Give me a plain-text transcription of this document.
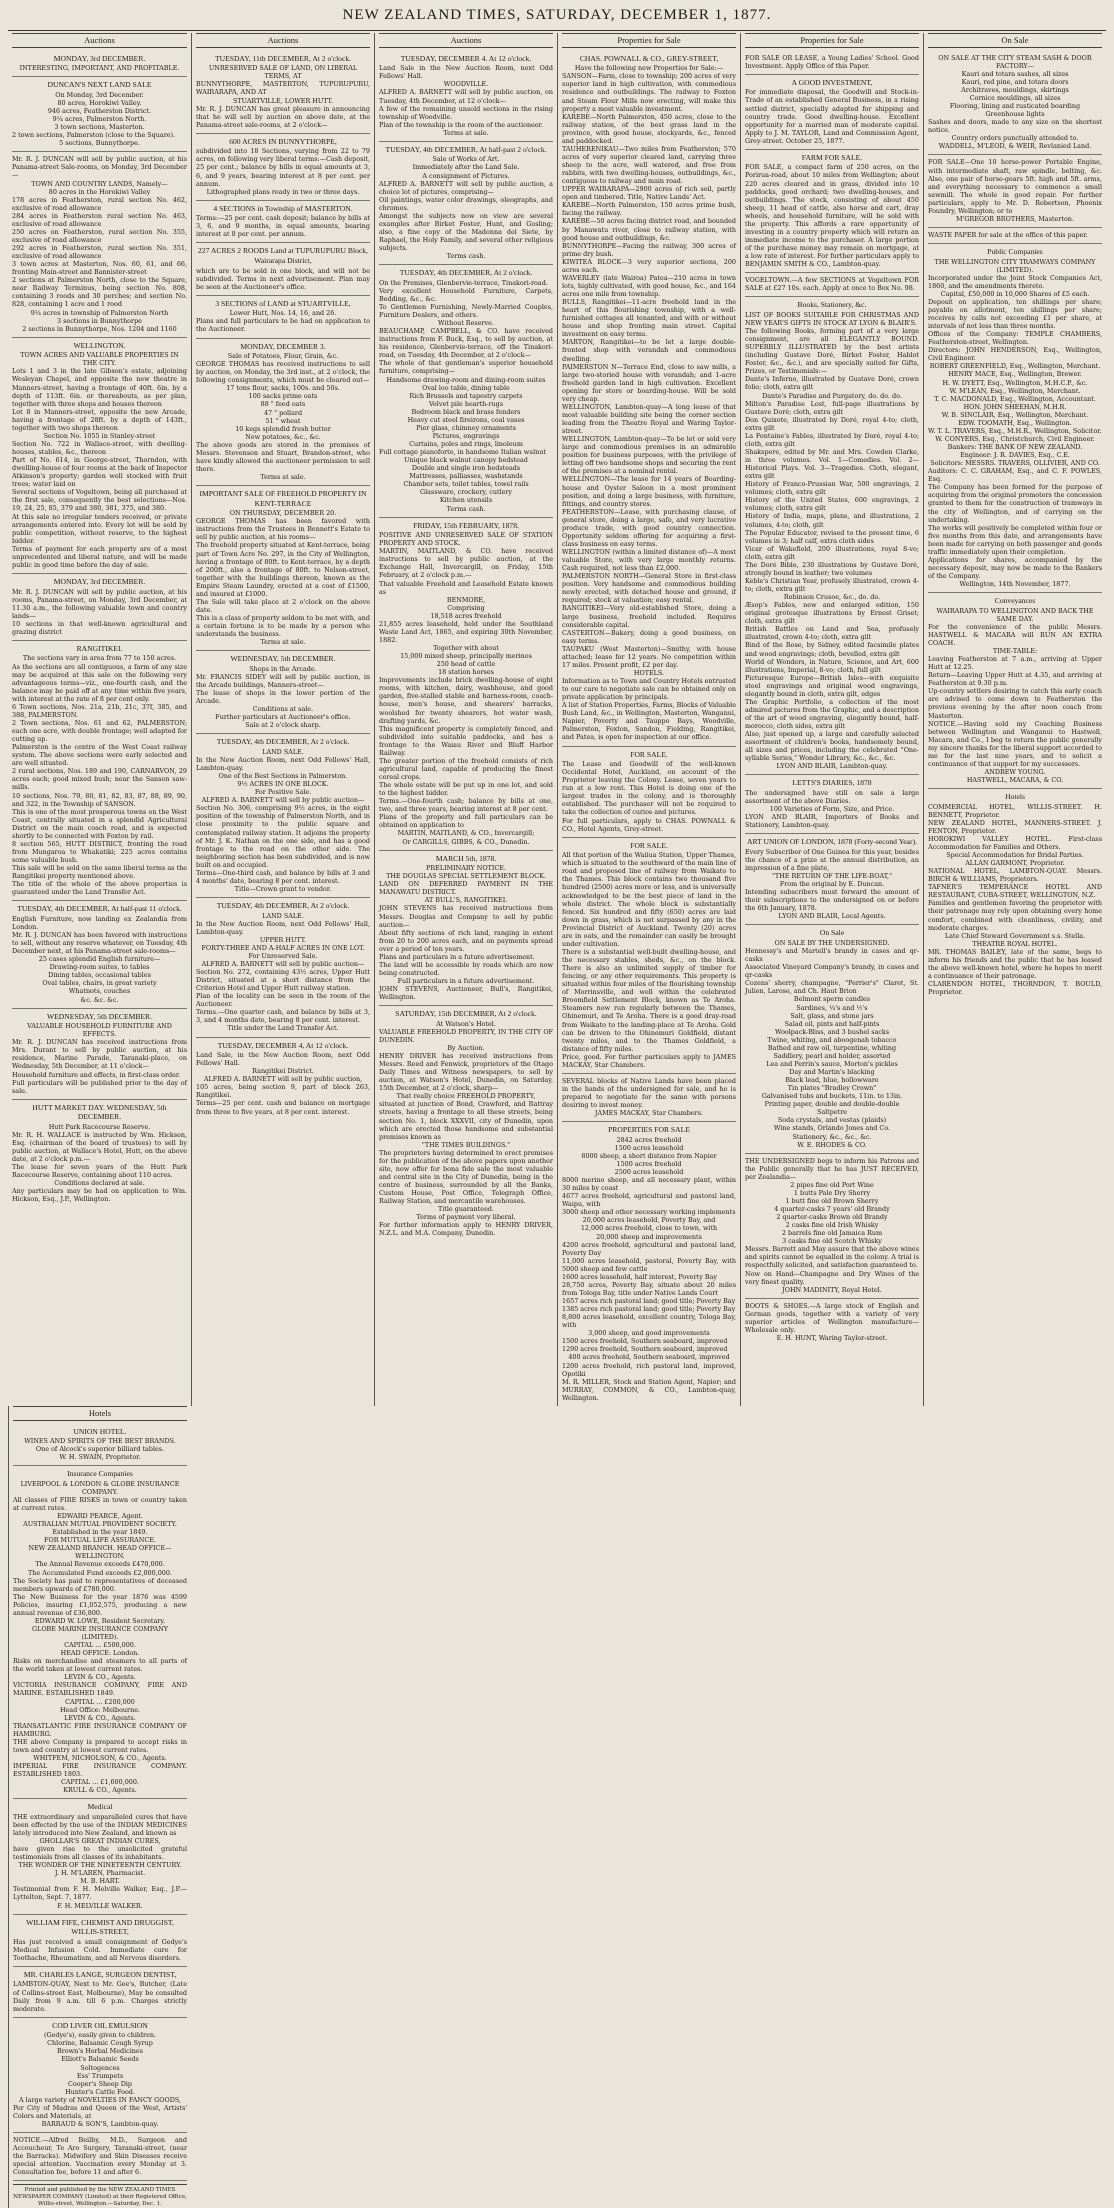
NEW ZEALAND TIMES, SATURDAY, DECEMBER 1, 1877.
Auctions
MONDAY, 3rd DECEMBER.

INTERESTING, IMPORTANT, AND PROFITABLE.

DUNCAN'S NEXT LAND SALE

On Monday, 3rd December.

80 acres, Horokiwi Valley.

946 acres, Featherston District.

9¼ acres, Palmerston North.

3 town sections, Masterton.

2 town sections, Palmerston (close to the Square).

5 sections, Bunnythorpe.

Mr. R. J. DUNCAN will sell by public auction, at his Panama-street Sale-rooms, on Monday, 3rd December—

TOWN AND COUNTRY LANDS, Namely—

80 acres in the Horokiwi Valley

178 acres in Featherston, rural section No. 462, exclusive of road allowance

284 acres in Featherston rural section No. 463, exclusive of road allowance

250 acres on Featherston, rural section No. 355, exclusive of road allowance

292 acres in Featherston, rural section No. 351, exclusive of road allowance

3 town acres at Masterton, Nos. 60, 61, and 66, fronting Main-street and Bannister-street

2 sections at Palmerston North, close to the Square, near Railway Terminus, being section No. 808, containing 3 roods and 30 perches; and section No. 828, containing 1 acre and 1 rood

9¼ acres in township of Palmerston North

3 sections in Bunnythorpe

2 sections in Bunnythorpe, Nos. 1204 and 1160

WELLINGTON.

TOWN ACRES AND VALUABLE PROPERTIES IN THE CITY.

Lots 1 and 3 in the late Gibson's estate, adjoining Wesleyan Chapel, and opposite the new theatre in Manners-street, having a frontage of 40ft. 6in. by a depth of 113ft. 6in. or thereabouts, as per plan, together with three shops and houses thereon

Lot 8 in Manners-street, opposite the new Arcade, having a frontage of 28ft. by a depth of 143ft., together with two shops thereon

Section No. 1055 in Stanley-street

Section No. 722 in Wallace-street, with dwelling-houses, stables, &c., thereon

Part of No. 614, in George-street, Thorndon, with dwelling-house of four rooms at the back of Inspector Atkinson's property; garden well stocked with fruit trees; water laid on

Several sections of Vogeltown, being all purchased at the first sale, consequently the best selections—Nos. 19, 24, 25, 85, 379 and 380, 381, 375, and 380.

At this sale no irregular tenders received, or private arrangements entered into. Every lot will be sold by public competition, without reserve, to the highest bidder.

Terms of payment for each property are of a most unprecedented and liberal nature, and will be made public in good time before the day of sale.

MONDAY, 3rd DECEMBER.

Mr. R. J. DUNCAN will sell by public auction, at his rooms, Panama-street, on Monday, 3rd December, at 11.30 a.m., the following valuable town and country lands—

10 sections in that well-known agricultural and grazing district

RANGITIKEI.

The sections vary in area from 77 to 150 acres.

As the sections are all contiguous, a farm of any size may be acquired at this sale on the following very advantageous terms—viz., one-fourth cash, and the balance may be paid off at any time within five years, with interest at the rate of 8 per cent only.

6 Town sections, Nos. 21a, 21b, 21c, 37f, 385, and 388, PALMERSTON.

2 Town sections, Nos. 61 and 62, PALMERSTON; each one acre, with double frontage; well adapted for cutting up.

Palmerston is the centre of the West Coast railway system. The above sections were early selected and are well situated.

2 rural sections, Nos. 189 and 190, CARNARVON, 29 acres each; good mixed bush; near the Sanson saw-mills.

10 sections, Nos. 79, 80, 81, 82, 83, 87, 88, 89, 90, and 322, in the Township of SANSON.

This is one of the most prosperous towns on the West Coast, centrally situated in a splendid Agricultural District on the main coach road, and is expected shortly to be connected with Foxton by rail.

8 section 565, HUTT DISTRICT, fronting the road from Mungaroa to Whakatiki; 225 acres contains some valuable bush.

This sale will be sold on the same liberal terms as the Rangitikei property mentioned above.

The title of the whole of the above properties is guaranteed under the Land Transfer Act.

TUESDAY, 4th DECEMBER, At half-past 11 o'clock.

English Furniture, now landing ex Zealandia from London.

Mr. R. J. DUNCAN has been favored with instructions to sell, without any reserve whatever, on Tuesday, 4th December next, at his Panama-street sale-rooms—

25 cases splendid English furniture—

Drawing-room suites, to tables

Dining tables, occasional tables

Oval tables, chairs, in great variety

Whatnots, couches

&c. &c. &c.

WEDNESDAY, 5th DECEMBER.

VALUABLE HOUSEHOLD FURNITURE AND EFFECTS.

Mr. R. J. DUNCAN has received instructions from Mrs. Durant to sell by public auction, at his residence, Marine Parade, Taranaki-place, on Wednesday, 5th December, at 11 o'clock—

Household furniture and effects, in first-class order.

Full particulars will be published prior to the day of sale.

HUTT MARKET DAY. WEDNESDAY, 5th DECEMBER.

Hutt Park Racecourse Reserve.

Mr. R. H. WALLACE is instructed by Wm. Hickson, Esq. (chairman of the board of trustees) to sell by public auction, at Wallace's Hotel, Hutt, on the above date, at 2 o'clock p.m.—

The lease for seven years of the Hutt Park Racecourse Reserve, containing about 110 acres.

Conditions declared at sale.

Any particulars may be had on application to Wm. Hickson, Esq., J.P., Wellington.

Auctions
TUESDAY, 11th DECEMBER, At 2 o'clock.

UNRESERVED SALE OF LAND, ON LIBERAL TERMS, AT

BUNNYTHORPE, MASTERTON, TUPURUPURU, WAIRARAPA, AND AT

STUARTVILLE, LOWER HUTT.

Mr. R. J. DUNCAN has great pleasure in announcing that he will sell by auction on above date, at the Panama-street sale-rooms, at 2 o'clock—

600 ACRES IN BUNNYTHORPE,

subdivided into 18 Sections, varying from 22 to 79 acres, on following very liberal terms:—Cash deposit, 25 per cent.; balance by bills in equal amounts at 3, 6, and 9 years, bearing interest at 8 per cent. per annum.

Lithographed plans ready in two or three days.

4 SECTIONS in Township of MASTERTON.

Terms:—25 per cent. cash deposit; balance by bills at 3, 6, and 9 months, in equal amounts, bearing interest at 8 per cent. per annum.

227 ACRES 2 ROODS Land at TUPURUPURU Block, Wairarapa District,

which are to be sold in one block, and will not be subdivided. Terms in next advertisement. Plan may be seen at the Auctioneer's office.

3 SECTIONS of LAND at STUARTVILLE,

Lower Hutt, Nos. 14, 16, and 26.

Plans and full particulars to be had on application to the Auctioneer.

MONDAY, DECEMBER 3.

Sale of Potatoes, Flour, Grain, &c.

GEORGE THOMAS has received instructions to sell by auction, on Monday, the 3rd inst., at 2 o'clock, the following consignments, which must be cleared out—

17 tons flour, sacks, 100s. and 50s.

100 sacks prime oats

88 " feed oats

47 " pollard

51 " wheat

10 kegs splendid fresh butter

New potatoes, &c., &c.

The above goods are stored in the premises of Messrs. Stevenson and Stuart, Brandon-street, who have kindly allowed the auctioneer permission to sell there.

Terms at sale.

IMPORTANT SALE OF FREEHOLD PROPERTY IN KENT-TERRACE

ON THURSDAY, DECEMBER 20.

GEORGE THOMAS has been favored with instructions from the Trustees in Bennett's Estate to sell by public auction, at his rooms—

The freehold property situated at Kent-terrace, being part of Town Acre No. 297, in the City of Wellington, having a frontage of 80ft. to Kent-terrace, by a depth of 200ft., also a frontage of 80ft. to Nelson-street, together with the buildings thereon, known as the Empire Steam Laundry, erected at a cost of £1500, and insured at £1000.

The Sale will take place at 2 o'clock on the above date.

This is a class of property seldom to be met with, and a certain fortune is to be made by a person who understands the business.

Terms at sale.

WEDNESDAY, 5th DECEMBER.

Shops in the Arcade.

Mr. FRANCIS SIDEY will sell by public auction, in the Arcade buildings, Manners-street—

The lease of shops in the lower portion of the Arcade.

Conditions at sale.

Further particulars at Auctioneer's office.

Sale at 2 o'clock sharp.

TUESDAY, 4th DECEMBER, At 2 o'clock.

LAND SALE.

In the New Auction Room, next Odd Fellows' Hall, Lambton-quay.

One of the Best Sections in Palmerston.

9½ ACRES IN ONE BLOCK.

For Positive Sale.

ALFRED A. BARNETT will sell by public auction—

Section No. 306, comprising 9½ acres, in the eight position of the township of Palmerston North, and in close proximity to the public square and contemplated railway station. It adjoins the property of Mr. J. K. Nathan on the one side, and has a good frontage to the road on the other side. The neighboring section has been subdivided, and is now built on and occupied.

Terms—One-third cash, and balance by bills at 3 and 4 months' date, bearing 8 per cent. interest.

Title—Crown grant to vendor.

TUESDAY, 4th DECEMBER, At 2 o'clock.

LAND SALE.

In the New Auction Room, next Odd Fellows' Hall, Lambton-quay.

UPPER HUTT.

FORTY-THREE AND A-HALF ACRES IN ONE LOT.

For Unreserved Sale.

ALFRED A. BARNETT will sell by public auction—

Section No. 272, containing 43½ acres, Upper Hutt District, situated at a short distance from the Criterion Hotel and Upper Hutt railway station.

Plan of the locality can be seen in the room of the Auctioneer.

Terms.—One quarter cash, and balance by bills at 3, 3, and 4 months date, bearing 8 per cent. interest.

Title under the Land Transfer Act.

TUESDAY, DECEMBER 4, At 12 o'clock.

Land Sale, in the New Auction Room, next Odd Fellows' Hall.

Rangitikei District.

ALFRED A. BARNETT will sell by public auction,

105 acres, being section 9, part of block 263, Rangitikei.

Terms—25 per cent. cash and balance on mortgage from three to five years, at 8 per cent. interest.

Auctions
TUESDAY, DECEMBER 4. At 12 o'clock.

Land Sale in the New Auction Room, next Odd Fellows' Hall.

WOODVILLE.

ALFRED A. BARNETT will sell by public auction, on Tuesday, 4th December, at 12 o'clock—

A few of the remaining unsold sections in the rising township of Woodville.

Plan of the township is the room of the auctioneer.

Terms at sale.

TUESDAY, 4th DECEMBER, At half-past 2 o'clock.

Sale of Works of Art.

Immediately after the Land Sale.

A consignment of Pictures.

ALFRED A. BARNETT will sell by public auction, a choice lot of pictures, comprising—

Oil paintings, water color drawings, oleographs, and chromos.

Amongst the subjects now on view are several examples after Birket Foster, Hunt, and Gosling; also, a fine copy of the Madonna del Siete, by Raphael, the Holy Family, and several other religious subjects.

Terms cash.

TUESDAY, 4th DECEMBER, At 2 o'clock.

On the Premises, Glenbervie-terrace, Tinakori-road.

Very excellent Household Furniture, Carpets, Bedding, &c., &c.

To Gentlemen Furnishing, Newly-Married Couples, Furniture Dealers, and others.

Without Reserve.

BEAUCHAMP, CAMPBELL, & CO. have received instructions from F. Buck, Esq., to sell by auction, at his residence, Glenbervie-terrace, off the Tinakori-road, on Tuesday, 4th December, at 2 o'clock—

The whole of that gentleman's superior household furniture, comprising—

Handsome drawing-room and dining-room suites

Oval loo table, dining table

Rich Brussels and tapestry carpets

Velvet pile hearth-rugs

Bedroom black and brass fenders

Heavy cut steel fireirons, coal vases

Pier glass, chimney ornaments

Pictures, engravings

Curtains, poles and rings, linoleum

Full cottage pianoforte, in handsome Italian walnut

Unique black walnut canopy bedstead

Double and single iron bedsteads

Mattresses, palliasses, washstands

Chamber sets, toilet tables, towel rails

Glassware, crockery, cutlery

Kitchen utensils

Terms cash.

FRIDAY, 15th FEBRUARY, 1878.

POSITIVE AND UNRESERVED SALE OF STATION PROPERTY AND STOCK.

MARTIN, MAITLAND, & CO. have received instructions to sell by public auction, at the Exchange Hall, Invercargill, on Friday, 15th February, at 2 o'clock p.m.—

That valuable Freehold and Leasehold Estate known as

BENMORE,

Comprising

18,518 acres freehold

21,855 acres leasehold, held under the Southland Waste Land Act, 1865, and expiring 30th November, 1882.

Together with about

15,000 mixed sheep, principally merinos

250 head of cattle

18 station horses

Improvements include brick dwelling-house of eight rooms, with kitchen, dairy, washhouse, and good garden, five-stalled stable and harness-room, coach-house, men's house, and shearers' barracks, woolshed for twenty shearers, hot water wash, drafting yards, &c.

This magnificent property is completely fenced, and subdivided into suitable paddocks, and has a frontage to the Waiau River and Bluff Harbor Railway.

The greater portion of the freehold consists of rich agricultural land, capable of producing the finest cereal crops.

The whole estate will be put up in one lot, and sold to the highest bidder.

Terms.—One-fourth cash; balance by bills at one, two, and three years, bearing interest at 8 per cent.

Plans of the property and full particulars can be obtained on application to

MARTIN, MAITLAND, & CO., Invercargill;

Or CARGILLS, GIBBS, & CO., Dunedin.

MARCH 5th, 1878.

PRELIMINARY NOTICE.

THE DOUGLAS SPECIAL SETTLEMENT BLOCK.

LAND ON DEFERRED PAYMENT IN THE MANAWATU DISTRICT.

AT BULL'S, RANGITIKEI.

JOHN STEVENS has received instructions from Messrs. Douglas and Company to sell by public auction—

About fifty sections of rich land, ranging in extent from 20 to 200 acres each, and on payments spread over a period of ten years.

Plans and particulars in a future advertisement.

The land will be accessible by roads which are now being constructed.

Full particulars in a future advertisement.

JOHN STEVENS, Auctioneer, Bull's, Rangitikei, Wellington.

SATURDAY, 15th DECEMBER, At 2 o'clock.

At Watson's Hotel.

VALUABLE FREEHOLD PROPERTY, IN THE CITY OF DUNEDIN.

By Auction.

HENRY DRIVER has received instructions from Messrs. Reed and Fenwick, proprietors of the Otago Daily Times and Witness newspapers, to sell by auction, at Watson's Hotel, Dunedin, on Saturday, 15th December, at 2 o'clock, sharp—

That really choice FREEHOLD PROPERTY,

situated at junction of Bond, Crawford, and Rattray streets, having a frontage to all these streets, being section No. 1, block XXXVII, city of Dunedin, upon which are erected those handsome and substantial premises known as

"THE TIMES BUILDINGS."

The proprietors having determined to erect premises for the publication of the above papers upon another site, now offer for bona fide sale the most valuable and central site in the City of Dunedin, being in the centre of business, surrounded by all the Banks, Custom House, Post Office, Telegraph Office, Railway Station, and mercantile warehouses.

Title guaranteed.

Terms of payment very liberal.

For further information apply to HENRY DRIVER, N.Z.L. and M.A. Company, Dunedin.

Properties for Sale
CHAS. POWNALL & CO., GREY-STREET,

Have the following new Properties for Sale:—

SANSON—Farm, close to township; 200 acres of very superior land in high cultivation, with commodious residence and outbuildings. The railway to Foxton and Steam Flour Mills now erecting, will make this property a most valuable investment.

KAREBE—North Palmerston, 450 acres, close to the railway station, of the best grass land in the province, with good house, stockyards, &c., fenced and paddocked.

TAUHERENIKAU—Two miles from Featherston; 570 acres of very superior cleared land, carrying three sheep to the acre, well watered, and free from rabbits, with two dwelling-houses, outbuildings, &c., contiguous to railway and main road.

UPPER WAIRARAPA—2900 acres of rich soil, partly open and timbered. Title, Native Lands' Act.

KAREBE—North Palmerston, 150 acres prime bush, facing the railway.

KAREBE—50 acres facing district road, and bounded by Manawatu river, close to railway station, with good house and outbuildings, &c.

BUNNYTHORPE—Facing the railway, 300 acres of prime dry bush.

KIWITEA BLOCK—3 very superior sections, 200 acres each.

WAVERLEY (late Wairoa) Patea—210 acres in town lots, highly cultivated, with good house, &c., and 164 acres one mile from township.

BULLS, Rangitikei—11-acre freehold land in the heart of this flourishing township, with a well-furnished cottages all tenanted, and with or without house and shop fronting main street. Capital investment on easy terms.

MARTON, Rangitikei—to be let a large double-fronted shop with verandah and commodious dwelling.

PAIMERSTON N—Terrace End, close to saw mills, a large two-storied house with verandah; and 1-acre freehold garden land in high cultivation. Excellent opening for store or boarding-house. Will be sold very cheap.

WELLINGTON, Lambton-quay—A long lease of that most valuable building site being the corner section leading from the Theatre Royal and Waring Taylor-street.

WELLINGTON, Lambton-quay—To be let or sold very large and commodious premises in an admirable position for business purposes, with the privilege of letting off two handsome shops and securing the rent of the premises at a nominal rental.

WELLINGTON—The lease for 14 years of Boarding-house and Oyster Saloon in a most prominent position, and doing a large business, with furniture, fittings, and country stores.

FEATHERSTON—Lease, with purchasing clause, of general store, doing a large, safe, and very lucrative produce trade, with good country connection. Opportunity seldom offering for acquiring a first-class business on easy terms.

WELLINGTON (within a limited distance of)—A most valuable Store, with very large monthly returns. Cash required, not less than £2,000.

PALMERSTON NORTH—General Store in first-class position. Very handsome and commodious building newly erected, with detached house and ground, if required; stock at valuation; easy rental.

RANGITIKEI—Very old-established Store, doing a large business, freehold included. Requires considerable capital.

CASTERTON—Bakery, doing a good business, on easy terms.

TAUPAKU (West Masterton)—Smithy, with house attached; lease for 12 years. No competition within 17 miles. Present profit, £2 per day.

HOTELS.

Information as to Town and Country Hotels entrusted to our care to negotiate sale can be obtained only on private application by principals.

A list of Station Properties, Farms, Blocks of Valuable Bush Land, &c., in Wellington, Masterton, Wanganui, Napier, Poverty and Tauppo Bays, Woodville, Palmerston, Foxton, Sandon, Fielding, Rangitikei, and Patea, is open for inspection at our office.

FOR SALE.

The Lease and Goodwill of the well-known Occidental Hotel, Auckland, on account of the Proprietor leaving the Colony. Lease, seven years to run at a low rent. This Hotel is doing one of the largest trades in the colony, and is thoroughly established. The purchaser will not be required to take the collection of curios and pictures.

For full particulars, apply to CHAS. POWNALL & CO., Hotel Agents, Grey-street.

FOR SALE.

All that portion of the Waiiua Station, Upper Thames, which is situated to the southward of the main line of road and proposed line of railway from Waikato to the Thames. This block contains two thousand five hundred (2500) acres more or less, and is universally acknowledged to be the best piece of land in the whole district. The whole block is substantially fenced. Six hundred and fifty (650) acres are laid down in grass, which is not surpassed by any in the Provincial District of Auckland. Twenty (20) acres are in oats, and the remainder can easily be brought under cultivation.

There is a substantial well-built dwelling-house, and the necessary stables, sheds, &c., on the block. There is also an unlimited supply of timber for fencing, or any other requirements. This property is situated within four miles of the flourishing township of Morrinsville, and well within the celebrated Broomfield Settlement Block, known as Te Aroha. Steamers now run regularly between the Thames, Ohinemuri, and Te Aroha. There is a good dray-road from Waikato to the landing-place at Te Aroha. Gold can be driven to the Ohinemuri Goldfield, distant twenty miles, and to the Thames Goldfield, a distance of fifty miles.

Price, good. For further particulars apply to JAMES MACKAY, Star Chambers.

SEVERAL blocks of Native Lands have been placed in the hands of the undersigned for sale, and he is prepared to negotiate for the same with persons desiring to invest money.

JAMES MACKAY, Star Chambers.

PROPERTIES FOR SALE

2842 acres freehold

1500 acres leasehold

8000 sheep, a short distance from Napier

1500 acres freehold

2500 acres leasehold

8000 merino sheep, and all necessary plant, within 30 miles by coast

4677 acres freehold, agricultural and pastoral land, Waipu, with

3000 sheep and other necessary working implements

20,000 acres leasehold, Poverty Bay, and

12,000 acres freehold, close to town, with

20,000 sheep and improvements

4200 acres freehold, agricultural and pastoral land, Poverty Day

11,000 acres leasehold, pastoral, Poverty Bay, with 5000 sheep and few cattle

1600 acres leasehold, half interest, Poverty Bay

28,750 acres, Poverty Bay, situate about 20 miles from Tologa Bay, title under Native Lands Court

1657 acres rich pastoral land; good title; Poverty Bay

1385 acres rich pastoral land; good title; Poverty Bay

8,800 acres leasehold, excellent country, Tologa Bay, with

3,000 sheep, and good improvements

1500 acres freehold, Southern seaboard, improved

1290 acres freehold, Southern seaboard, improved

400 acres freehold, Southern seaboard, improved

1200 acres freehold, rich pastoral land, improved, Opotiki

M. R. MILLER, Stock and Station Agent, Napier; and MURRAY, COMMON, & CO., Lambton-quay, Wellington.

Properties for Sale

FOR SALE OR LEASE, a Young Ladies' School. Good Investment. Apply Office of this Paper.

A GOOD INVESTMENT,

For immediate disposal, the Goodwill and Stock-in-Trade of an established General Business, in a rising settled district, specially adapted for shipping and country trade. Good dwelling-house. Excellent opportunity for a married man of moderate capital. Apply to J. M. TAYLOR, Land and Commission Agent, Grey-street. October 25, 1877.

FARM FOR SALE.

FOR SALE, a compact farm of 250 acres, on the Porirua-road, about 10 miles from Wellington; about 220 acres cleared and in grass, divided into 10 paddocks, good orchard; two dwelling-houses, and outbuildings. The stock, consisting of about 450 sheep, 11 head of cattle, also horse and cart, dray wheels, and household furniture, will be sold with the property. This affords a rare opportunity of investing in a country property which will return an immediate income to the purchaser. A large portion of the purchase money may remain on mortgage, at a low rate of interest. For further particulars apply to BENJAMIN SMITH & CO., Lambton-quay.

VOGELTOWN.—A few SECTIONS at Vogeltown FOR SALE at £27 10s. each. Apply at once to Box No. 98.

Books, Stationery, &c.

LIST OF BOOKS SUITABLE FOR CHRISTMAS AND NEW YEAR'S GIFTS IN STOCK AT LYON & BLAIR'S.

The following Books, forming part of a very large consignment, are all ELEGANTLY BOUND. SUPERBLY ILLUSTRATED by the best artists (including Gustave Doré, Birket Foster, Hablot Foster, &c., &c.), and are specially suited for Gifts, Prizes, or Testimonials:—

Dante's Inferno, illustrated by Gustave Doré, crown folio; cloth, extra gilt

Dante's Paradise and Purgatory, do. do. do.

Milton's Paradise Lost, full-page illustrations by Gustave Doré; cloth, extra gilt

Don Quixote, illustrated by Doré, royal 4-to; cloth, extra gilt

La Fontaine's Fables, illustrated by Doré, royal 4-to; cloth, extra gilt

Shakspere, edited by Mr. and Mrs. Cowden Clarke, in three volumes. Vol. 1—Comedies. Vol. 2—Historical Plays. Vol. 3—Tragedies. Cloth, elegant, extra gilt

History of Franco-Prussian War, 500 engravings, 2 volumes; cloth, extra gilt

History of the United States, 600 engravings, 2 volumes; cloth, extra gilt

History of India, maps, plans, and illustrations, 2 volumes, 4-to; cloth, gilt

The Popular Educator, revised to the present time, 6 volumes in 3; half calf, extra cloth sides

Vicar of Wakefield, 200 illustrations, royal 8-vo; cloth, extra gilt

The Doré Bible, 230 illustrations by Gustave Doré, strongly bound in leather; two volumes

Keble's Christian Year, profusely illustrated, crown 4-to; cloth, extra gilt

Robinson Crusoe, &c., do. do.

Æsop's Fables, new and enlarged edition, 150 original grotesque illustrations by Ernest Griset; cloth, extra gilt

British Battles on Land and Sea, profusely illustrated, crown 4-to; cloth, extra gilt

Bind of the Rose, by Sidney, edited facsimile plates and wood engravings; cloth, bevelled, extra gilt

World of Wonders, in Nature, Science, and Art, 600 illustrations, Imperial, 8-vo; cloth, full gilt

Picturesque Europe—British Isles—with exquisite steel engravings and original wood engravings, elegantly bound in cloth, extra gilt, edges

The Graphic Portfolio, a collection of the most admired pictures from the Graphic, and a description of the art of wood engraving, elegantly bound, half-morocco, cloth sides, extra gilt

Also, just opened up, a large and carefully selected assortment of children's books, handsomely bound, all sizes and prices, including the celebrated "One-syllable Series," Wonder Library, &c., &c., &c.

LYON AND BLAIR, Lambton-quay.

LETTS'S DIARIES, 1878

The undersigned have still on sale a large assortment of the above Diaries.

100 Varieties of Form, Size, and Price.

LYON AND BLAIR, Importers of Books and Stationery, Lambton-quay.

ART UNION OF LONDON, 1878 (Forty-second Year).

Every Subscriber of One Guinea for this year, besides the chance of a prize at the annual distribution, an impression of a fine plate,

"THE RETURN OF THE LIFE-BOAT,"

From the original by E. Duncan.

Intending subscribers must forward the amount of their subscriptions to the undersigned on or before the 6th January, 1878.

LYON AND BLAIR, Local Agents.

On Sale

ON SALE BY THE UNDERSIGNED.

Hennessy's and Martell's brandy in cases and qr-casks

Associated Vineyard Company's brandy, in cases and qr-casks

Cozens' sherry, champagne, "Perrier's" Claret, St. Julien, Larose, and Ch. Haut Brion

Belmont sperm candles

Sardines, ¼'s and ½'s

Salt, glass, and stone jars

Salad oil, pints and half-pints

Woolpack-Bliss, and 3 bushel sacks

Twine, whiting, and aboogenah tobacco

Bathed and raw oil, turpentine, whiting

Saddlery, pearl and holder, assorted

Lea and Perrin's sauce, Morton's pickles

Day and Martin's blacking

Black lead, blue, hollowware

Tin plates "Bradley Crown"

Galvanised tubs and buckets, 11in. to 13in.

Printing paper, double and double-double

Saltpetre

Soda crystals, and vestas (plaids)

Wine stands, Orlando Jones and Co.

Stationery, &c., &c., &c.

W. E. RHODES & CO.

THE UNDERSIGNED begs to inform his Patrons and the Public generally that he has JUST RECEIVED, per Zealandia—

2 pipes fine old Port Wine

1 butts Pale Dry Sherry

1 butt fine old Brown Sherry

4 quarter-casks 7 years' old Brandy

2 quarter-casks Brown old Brandy

2 casks fine old Irish Whisky

2 barrels fine old Jamaica Rum

3 casks fine old Scotch Whisky

Messrs. Barrett and May assure that the above wines and spirits cannot be equalled in the colony. A trial is respectfully solicited, and satisfaction guaranteed to.

Now on Hand—Champagne and Dry Wines of the very finest quality.

JOHN MADINITY, Royal Hotel.

BOOTS & SHOES.—A large stock of English and German goods, together with a variety of very superior articles of Wellington manufacture—Wholesale only.

E. H. HUNT, Waring Taylor-street.

On Sale

ON SALE AT THE CITY STEAM SASH & DOOR FACTORY—

Kauri and totara sashes, all sizes

Kauri, red pine, and totara doors

Architraves, mouldings, skirtings

Cornice mouldings, all sizes

Flooring, lining and rusticated boarding

Greenhouse lights

Sashes and doors, made to any size on the shortest notice.

Country orders punctually attended to.

WADDELL, M'LEOD, & WEIR, Revlanied Land.

FOR SALE—One 10 horse-power Portable Engine, with intermediate shaft, raw spindle, belting, &c. Also, one pair of horse-gears 5ft. high and 5ft. arms, and everything necessary to commence a small sawmill. The whole in good repair. For further particulars, apply to Mr. D. Robertson, Phoenix Foundry, Wellington; or to

M'GREGOR BROTHERS, Masterton.

WASTE PAPER for sale at the office of this paper.

Public Companies

THE WELLINGTON CITY TRAMWAYS COMPANY (LIMITED).

Incorporated under the Joint Stock Companies Act, 1860, and the amendments thereto.

Capital, £50,000 in 10,000 Shares of £5 each.

Deposit on application, ten shillings per share; payable on allotment, ten shillings per share; receives by calls not exceeding £1 per share, at intervals of not less than three months.

Offices of the Company: TEMPLE CHAMBERS, Featherston-street, Wellington.

Directors: JOHN HENDERSON, Esq., Wellington, Civil Engineer.

ROBERT GREENFIELD, Esq., Wellington, Merchant.

HENRY MACE, Esq., Wellington, Brewer.

H. W. DYETT, Esq., Wellington, M.H.C.P., &c.

W. M'LEAN, Esq., Wellington, Merchant.

T. C. MACDONALD, Esq., Wellington, Accountant.

HON. JOHN SHEEHAN, M.H.R.

W. B. SINCLAIR, Esq., Wellington, Merchant.

EDW. TOOMATH, Esq., Wellington.

W. T. L. TRAVERS, Esq., M.H.R., Wellington, Solicitor.

W. CONYERS, Esq., Christchurch, Civil Engineer.

Bankers: THE BANK OF NEW ZEALAND.

Engineer: J. R. DAVIES, Esq., C.E.

Solicitors: MESSRS. TRAVERS, OLLIVIER, AND CO.

Auditors: C. C. GRAHAM, Esq., and C. F. POWLES, Esq.

The Company has been formed for the purpose of acquiring from the original promoters the concession granted to them for the construction of tramways in the city of Wellington, and of carrying on the undertaking.

The works will positively be completed within four or five months from this date, and arrangements have been made for carrying on both passenger and goods traffic immediately upon their completion.

Applications for shares, accompanied by the necessary deposit, may now be made to the Bankers of the Company.

Wellington, 14th November, 1877.

Conveyances

WAIRARAPA TO WELLINGTON AND BACK THE SAME DAY.

For the convenience of the public Messrs. HASTWELL & MACARA will RUN AN EXTRA COACH.

TIME-TABLE:

Leaving Featherston at 7 a.m., arriving at Upper Hutt at 12.25.

Return—Leaving Upper Hutt at 4.35, and arriving at Featherston at 9.30 p.m.

Up-country settlers desiring to catch this early coach are advised to come down to Featherston the previous evening by the after noon coach from Masterton.

NOTICE.—Having sold my Coaching Business between Wellington and Wanganui to Hastwell, Macara, and Co., I beg to return the public generally my sincere thanks for the liberal support accorded to me for the last nine years, and to solicit a continuance of that support for my successors.

ANDREW YOUNG.

HASTWELL, MACARA, & CO.

Hotels

COMMERCIAL HOTEL, WILLIS-STREET. H. BENNETT, Proprietor.

NEW ZEALAND HOTEL, MANNERS-STREET. J. FENTON, Proprietor.

HOROKIWI VALLEY HOTEL. First-class Accommodation for Families and Others.

Special Accommodation for Bridal Parties.

ALLAN GARMONT, Proprietor.

NATIONAL HOTEL, LAMBTON-QUAY. Messrs. BIRCH & WILLIAMS, Proprietors.

TAFNER'S TEMPERANCE HOTEL AND RESTAURANT, CUBA-STREET, WELLINGTON, N.Z.

Families and gentlemen favoring the proprietor with their patronage may rely upon obtaining every home comfort, combined with cleanliness, civility, and moderate charges.

Late Chief Steward Government s.s. Stella.

THEATRE ROYAL HOTEL.

MR. THOMAS BAILEY, late of the same, begs to inform his friends and the public that he has leased the above well-known hotel, where he hopes to merit a continuance of their patronage.

CLARENDON HOTEL, THORNDON, T. BOULD, Proprietor.

Hotels
UNION HOTEL.

WINES AND SPIRITS OF THE BEST BRANDS.

One of Alcock's superior billiard tables.

W. H. SWAIN, Proprietor.

Insurance Companies

LIVERPOOL & LONDON & GLOBE INSURANCE COMPANY.

All classes of FIRE RISKS in town or country taken at current rates.

EDWARD PEARCE, Agent.

AUSTRALIAN MUTUAL PROVIDENT SOCIETY.

Established in the year 1849.

FOR MUTUAL LIFE ASSURANCE.

NEW ZEALAND BRANCH. HEAD OFFICE—WELLINGTON.

The Annual Revenue exceeds £470,000.

The Accumulated Fund exceeds £2,000,000.

The Society has paid to representatives of deceased members upwards of £780,000.

The New Business for the year 1876 was 4599 Policies, insuring £1,052,575, producing a new annual revenue of £36,800.

EDWARD W. LOWE, Resident Secretary.

GLOBE MARINE INSURANCE COMPANY (LIMITED).

CAPITAL ... £500,000.

HEAD OFFICE: London.

Risks on merchandise and steamers to all parts of the world taken at lowest current rates.

LEVIN & CO., Agents.

VICTORIA INSURANCE COMPANY, FIRE AND MARINE. ESTABLISHED 1849.

CAPITAL ... £200,000

Head Office: Melbourne.

LEVIN & CO., Agents.

TRANSATLANTIC FIRE INSURANCE COMPANY OF HAMBURG.

THE above Company is prepared to accept risks in town and country at lowest current rates.

WHITFEM, NICHOLSON, & CO., Agents.

IMPERIAL FIRE INSURANCE COMPANY. ESTABLISHED 1803.

CAPITAL ... £1,600,000.

KRULL & CO., Agents.

Medical

THE extraordinary and unparalleled cures that have been effected by the use of the INDIAN MEDICINES lately introduced into New Zealand, and known as

GHOLLAR'S GREAT INDIAN CURES,

have given rise to the unsolicited grateful testimonials from all classes of its inhabitants.

THE WONDER OF THE NINETEENTH CENTURY.

J. H. M'LAREN, Pharmacist.

M. B. HART.

Testimonial from F. H. Melville Walker, Esq., J.P.—Lyttelton, Sept. 7, 1877.

F. H. MELVILLE WALKER.

WILLIAM FIFE, CHEMIST AND DRUGGIST, WILLIS-STREET,

Has just received a small consignment of Gedye's Medical Infusion Cold. Immediate cure for Toothache, Rheumatism, and all Nervous disorders.

MR. CHARLES LANGE, SURGEON DENTIST,

LAMBTON-QUAY, Next to Mr. Gee's, Butcher, (Late of Collins-street East, Melbourne), May be consulted Daily from 9 a.m. till 6 p.m. Charges strictly moderate.

COD LIVER OIL EMULSION

(Gedye's), easily given to children.

Chlorine, Balsamic Cough Syrup

Brown's Herbal Medicines

Elliott's Balsamic Seeds

Soltogences

Ess' Trumpets

Cooper's Sheep Dip

Hunter's Cattle Food.

A large variety of NOVELTIES IN FANCY GOODS,

Per City of Madras and Queen of the West, Artists' Colors and Materials, at

BARRAUD & SON'S, Lambton-quay.

NOTICE.—Alfred Beilby, M.D., Surgeon and Accoucheur, Te Aro Surgery, Taranaki-street, (near the Barracks). Midwifery and Skin Diseases receive special attention. Vaccination every Monday at 3. Consultation fee, before 11 and after 6.

Printed and published by the NEW ZEALAND TIMES NEWSPAPER COMPANY (Limited) at their Registered Office, Willis-street, Wellington.—Saturday, Dec. 1.
